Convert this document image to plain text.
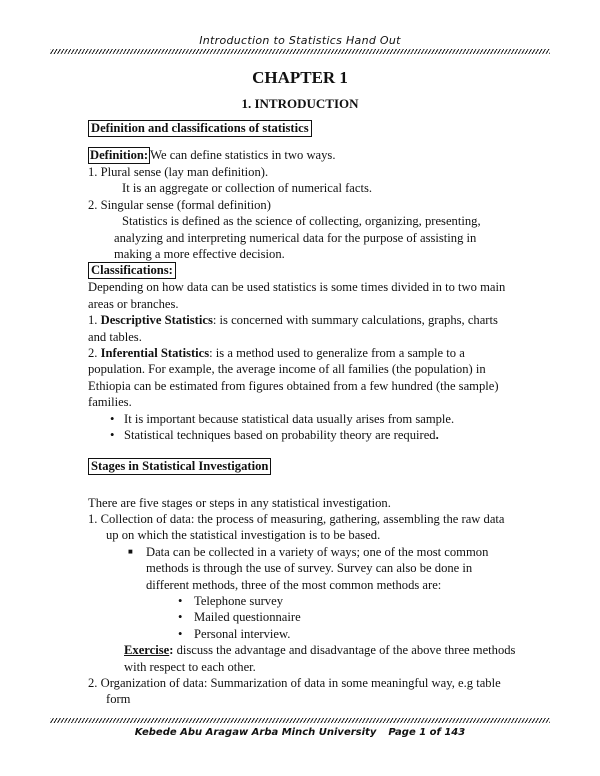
Introduction to Statistics Hand Out
CHAPTER 1
1. INTRODUCTION
Definition and classifications of statistics

Definition: We can define statistics in two ways.

1. Plural sense (lay man definition).

It is an aggregate or collection of numerical facts.

2. Singular sense (formal definition)

Statistics is defined as the science of collecting, organizing, presenting, analyzing and interpreting numerical data for the purpose of assisting in making a more effective decision.

Classifications:

Depending on how data can be used statistics is some times divided in to two main areas or branches.

1. Descriptive Statistics: is concerned with summary calculations, graphs, charts and tables.

2. Inferential Statistics: is a method used to generalize from a sample to a population. For example, the average income of all families (the population) in Ethiopia can be estimated from figures obtained from a few hundred (the sample) families.

• It is important because statistical data usually arises from sample.

• Statistical techniques based on probability theory are required.

Stages in Statistical Investigation

There are five stages or steps in any statistical investigation.

1. Collection of data: the process of measuring, gathering, assembling the raw data up on which the statistical investigation is to be based.

■ Data can be collected in a variety of ways; one of the most common methods is through the use of survey. Survey can also be done in different methods, three of the most common methods are:

• Telephone survey

• Mailed questionnaire

• Personal interview.

Exercise: discuss the advantage and disadvantage of the above three methods with respect to each other.

2. Organization of data: Summarization of data in some meaningful way, e.g table form

Kebede Abu Aragaw Arba Minch University Page 1 of 143
